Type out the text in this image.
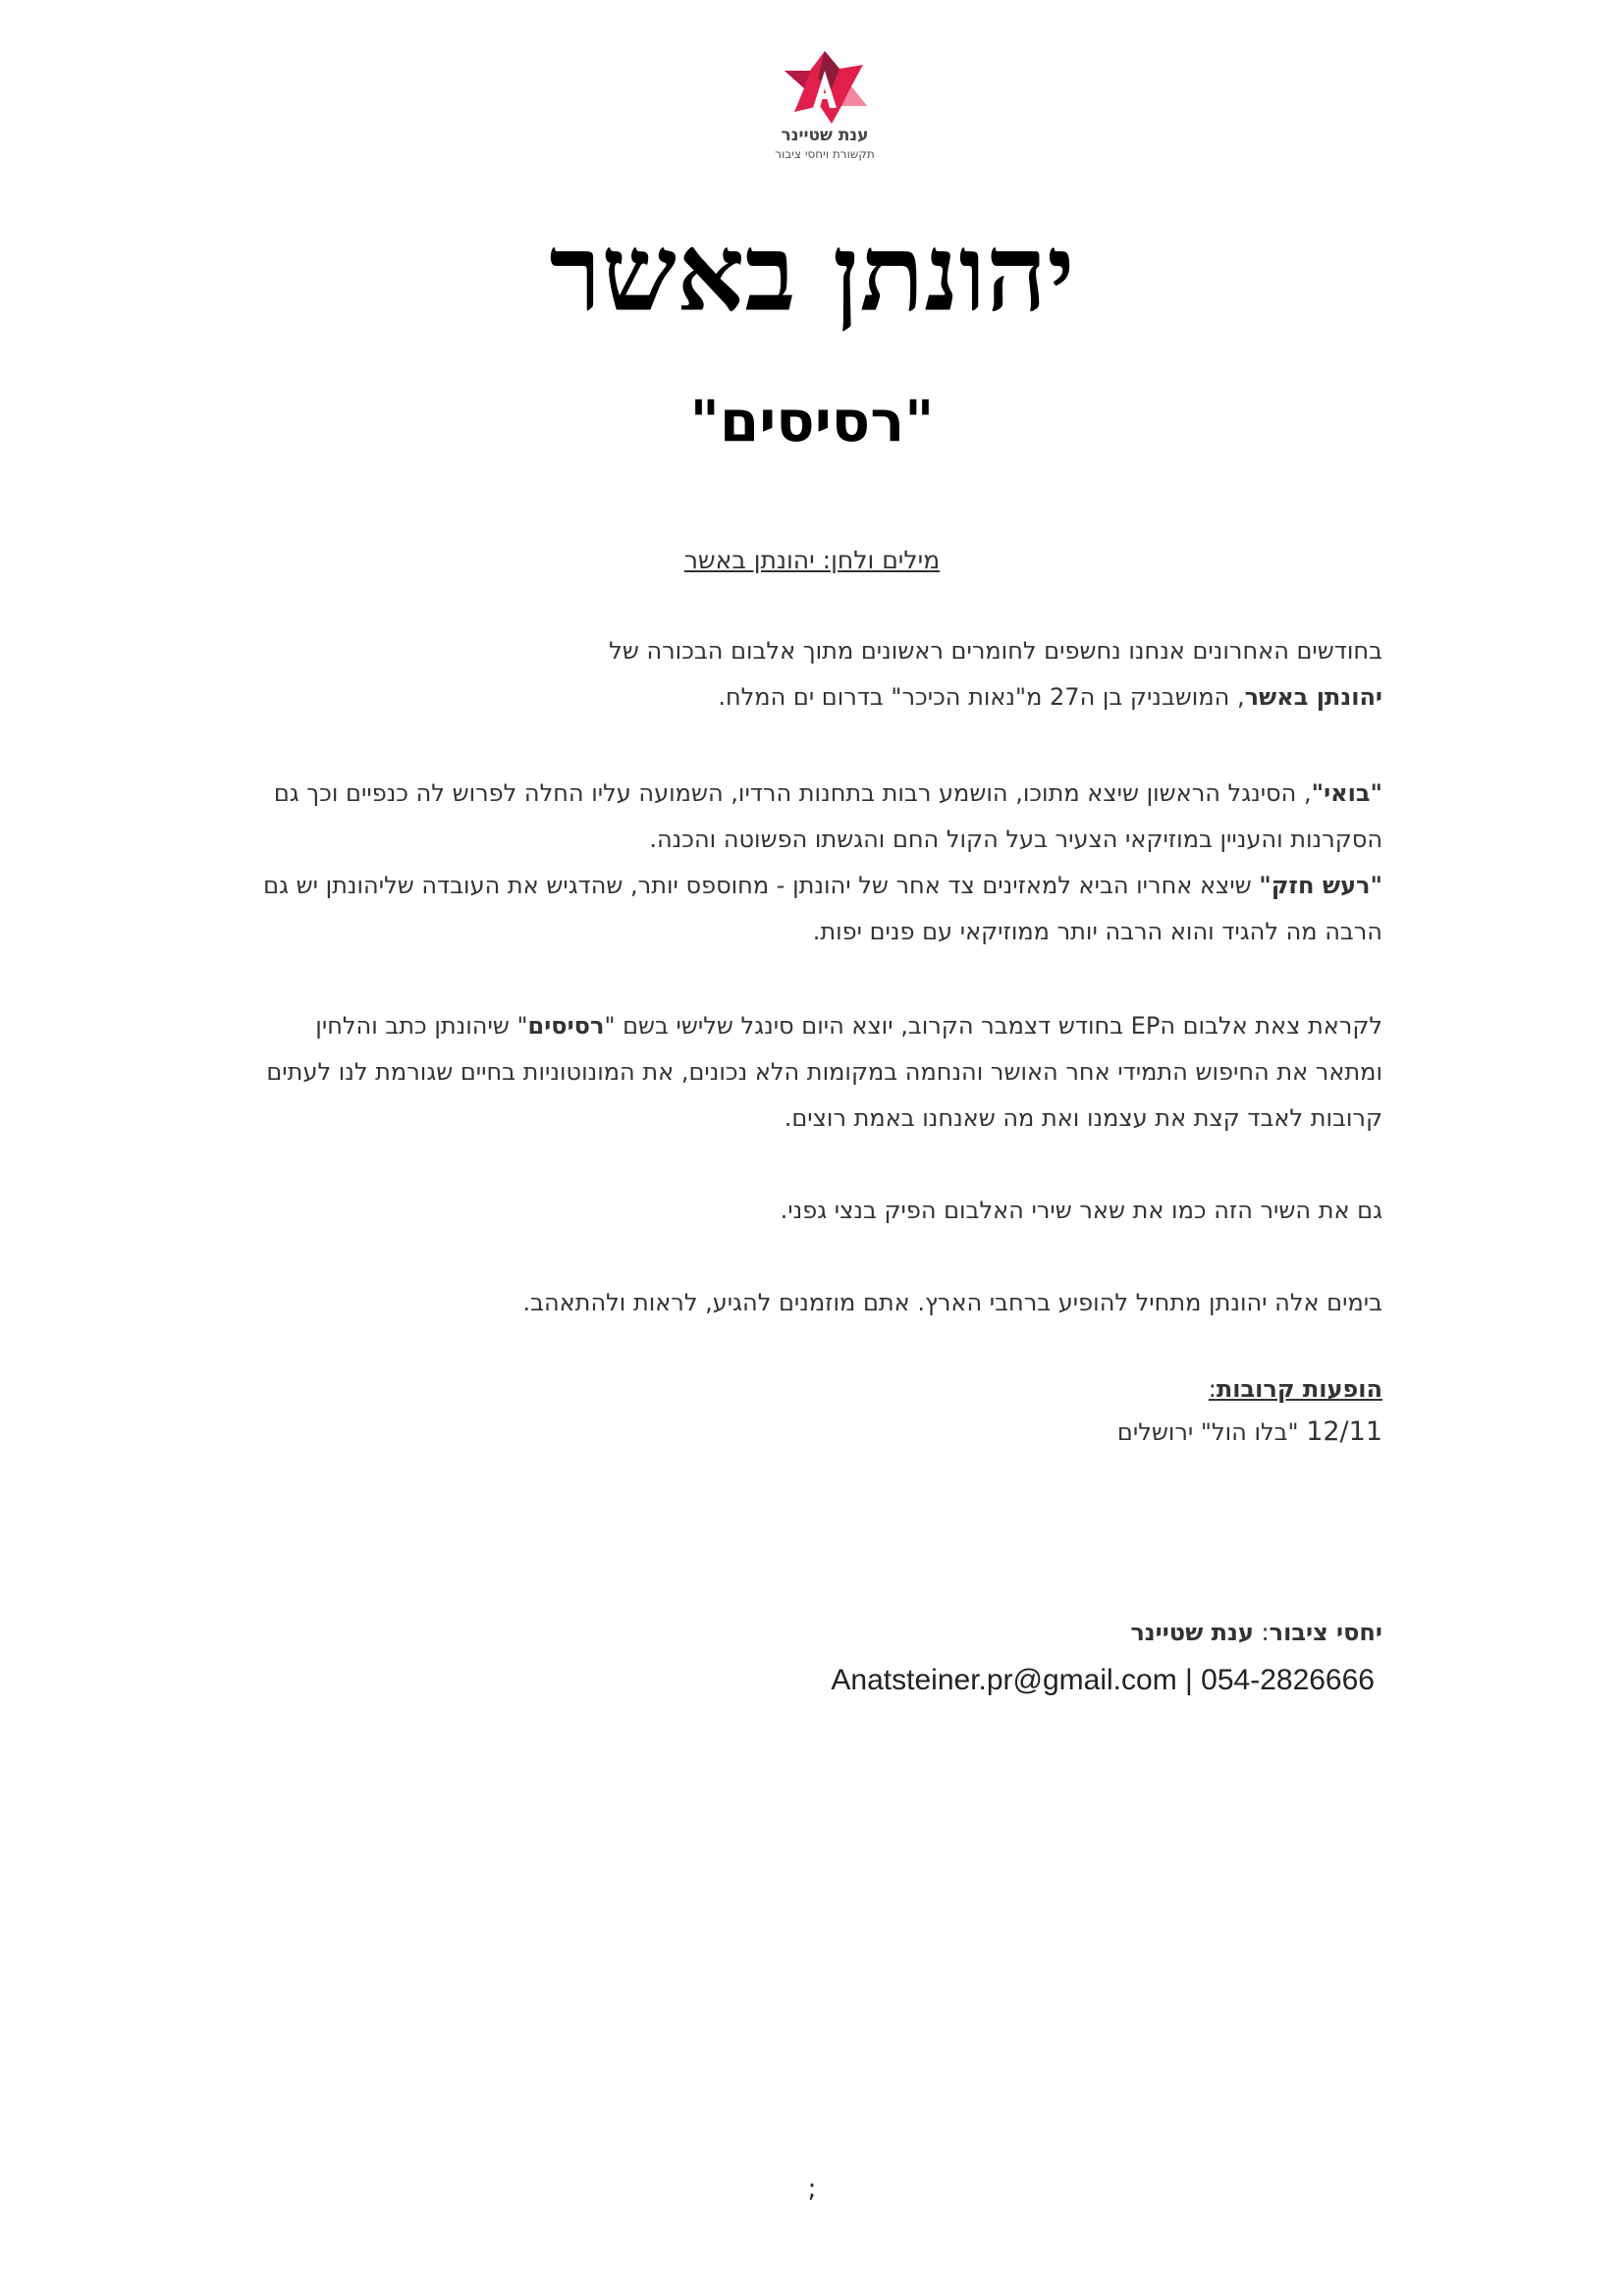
ענת שטיינר
תקשורת ויחסי ציבור
יהונתן באשר
"רסיסים"
מילים ולחן: יהונתן באשר

בחודשים האחרונים אנחנו נחשפים לחומרים ראשונים מתוך אלבום הבכורה של

יהונתן באשר, המושבניק בן ה27 מ"נאות הכיכר" בדרום ים המלח.

"בואי", הסינגל הראשון שיצא מתוכו, הושמע רבות בתחנות הרדיו, השמועה עליו החלה לפרוש לה כנפיים וכך גם הסקרנות והעניין במוזיקאי הצעיר בעל הקול החם והגשתו הפשוטה והכנה.

"רעש חזק" שיצא אחריו הביא למאזינים צד אחר של יהונתן - מחוספס יותר, שהדגיש את העובדה שליהונתן יש גם הרבה מה להגיד והוא הרבה יותר ממוזיקאי עם פנים יפות.

לקראת צאת אלבום הEP בחודש דצמבר הקרוב, יוצא היום סינגל שלישי בשם "רסיסים" שיהונתן כתב והלחין ומתאר את החיפוש התמידי אחר האושר והנחמה במקומות הלא נכונים, את המונוטוניות בחיים שגורמת לנו לעתים קרובות לאבד קצת את עצמנו ואת מה שאנחנו באמת רוצים.

גם את השיר הזה כמו את שאר שירי האלבום הפיק בנצי גפני.

בימים אלה יהונתן מתחיל להופיע ברחבי הארץ. אתם מוזמנים להגיע, לראות ולהתאהב.

הופעות קרובות:

12/11 "בלו הול" ירושלים

יחסי ציבור: ענת שטיינר

Anatsteiner.pr@gmail.com | 054-2826666
;
